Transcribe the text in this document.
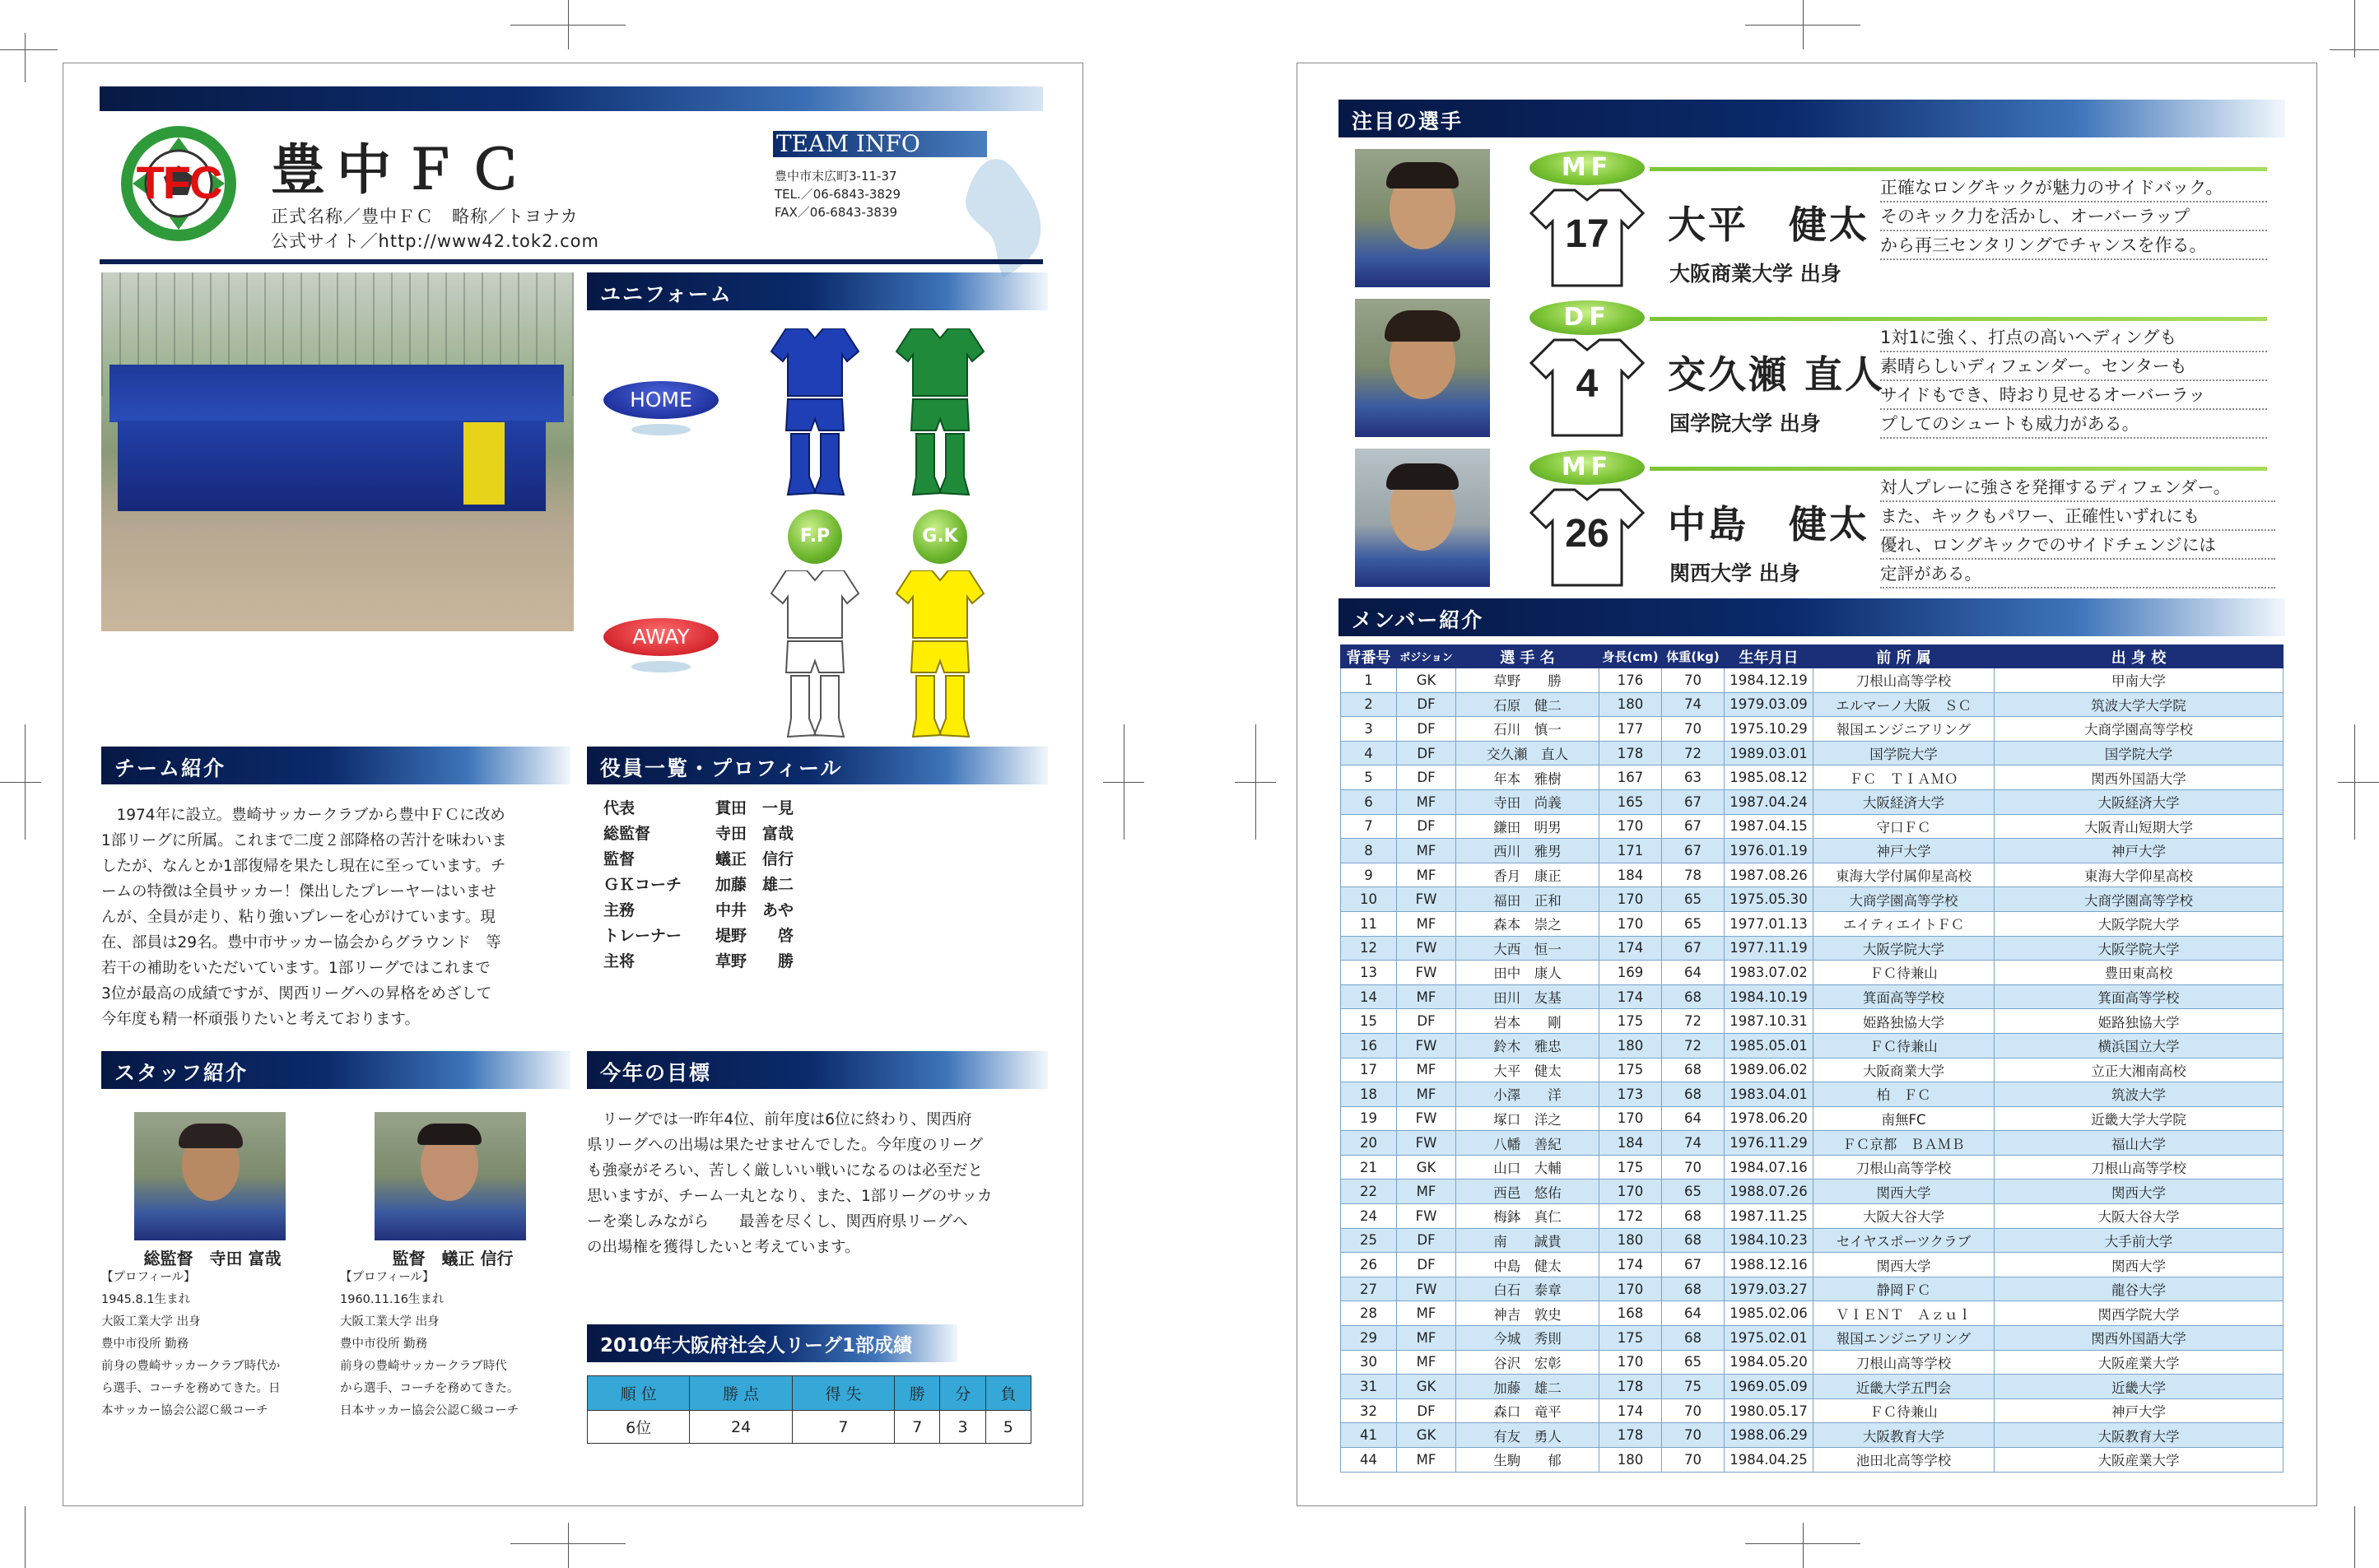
TFC 豊中ＦＣ
正式名称／豊中ＦＣ　略称／トヨナカ
公式サイト／http://www42.tok2.com
TEAM INFO
豊中市末広町3-11-37
TEL.／06-6843-3829
FAX／06-6843-3839
ユニフォーム
HOME
AWAY
F.P	G.K
チーム紹介
　1974年に設立。豊崎サッカークラブから豊中ＦＣに改め
1部リーグに所属。これまで二度２部降格の苦汁を味わいま
したが、なんとか1部復帰を果たし現在に至っています。チ
ームの特徴は全員サッカー！傑出したプレーヤーはいませ
んが、全員が走り、粘り強いプレーを心がけています。現
在、部員は29名。豊中市サッカー協会からグラウンド　等
若干の補助をいただいています。1部リーグではこれまで
3位が最高の成績ですが、関西リーグへの昇格をめざして
今年度も精一杯頑張りたいと考えております。
役員一覧・プロフィール
代表	貫田　一見
総監督	寺田　富哉
監督	蟻正　信行
ＧＫコーチ 加藤　雄二
主務	中井　あや
トレーナー 堤野　　啓
主将	草野　　勝
スタッフ紹介
総監督　寺田 富哉
【プロフィール】
1945.8.1生まれ
大阪工業大学 出身
豊中市役所 勤務
前身の豊崎サッカークラブ時代か
ら選手、コーチを務めてきた。日
本サッカー協会公認Ｃ級コーチ
監督　蟻正 信行
【プロフィール】
1960.11.16生まれ
大阪工業大学 出身
豊中市役所 勤務
前身の豊崎サッカークラブ時代
から選手、コーチを務めてきた。
日本サッカー協会公認Ｃ級コーチ
今年の目標
　リーグでは一昨年4位、前年度は6位に終わり、関西府
県リーグへの出場は果たせませんでした。今年度のリーグ
も強豪がそろい、苦しく厳しいい戦いになるのは必至だと
思いますが、チーム一丸となり、また、1部リーグのサッカ
ーを楽しみながら　　最善を尽くし、関西府県リーグへ
の出場権を獲得したいと考えています。
2010年大阪府社会人リーグ1部成績
順 位	勝 点	得 失	勝	分	負
6位	24	7	7	3	5
注目の選手
MF
17	大平　健太
大阪商業大学 出身
正確なロングキックが魅力のサイドバック。
そのキック力を活かし、オーバーラップ
から再三センタリングでチャンスを作る。
DF
4	交久瀬 直人
国学院大学 出身
1対1に強く、打点の高いヘディングも
素晴らしいディフェンダー。センターも
サイドもでき、時おり見せるオーバーラッ
プしてのシュートも威力がある。
MF
26	中島　健太
関西大学 出身
対人プレーに強さを発揮するディフェンダー。
また、キックもパワー、正確性いずれにも
優れ、ロングキックでのサイドチェンジには
定評がある。
メンバー紹介
背番号	ポジション	選 手 名	身長(cm)	体重(kg)	生年月日	前 所 属	出 身 校
1	GK	草野　　勝	176	70	1984.12.19	刀根山高等学校	甲南大学
2	DF	石原　健二	180	74	1979.03.09	エルマーノ大阪　ＳＣ	筑波大学大学院
3	DF	石川　慎一	177	70	1975.10.29	報国エンジニアリング	大商学園高等学校
4	DF	交久瀬　直人	178	72	1989.03.01	国学院大学	国学院大学
5	DF	年本　雅樹	167	63	1985.08.12	ＦＣ　ＴＩＡＭＯ	関西外国語大学
6	MF	寺田　尚義	165	67	1987.04.24	大阪経済大学	大阪経済大学
7	DF	鎌田　明男	170	67	1987.04.15	守口ＦＣ	大阪青山短期大学
8	MF	西川　雅男	171	67	1976.01.19	神戸大学	神戸大学
9	MF	香月　康正	184	78	1987.08.26	東海大学付属仰星高校	東海大学仰星高校
10	FW	福田　正和	170	65	1975.05.30	大商学園高等学校	大商学園高等学校
11	MF	森本　崇之	170	65	1977.01.13	エイティエイトＦＣ	大阪学院大学
12	FW	大西　恒一	174	67	1977.11.19	大阪学院大学	大阪学院大学
13	FW	田中　康人	169	64	1983.07.02	ＦＣ待兼山	豊田東高校
14	MF	田川　友基	174	68	1984.10.19	箕面高等学校	箕面高等学校
15	DF	岩本　　剛	175	72	1987.10.31	姫路独協大学	姫路独協大学
16	FW	鈴木　雅忠	180	72	1985.05.01	ＦＣ待兼山	横浜国立大学
17	MF	大平　健太	175	68	1989.06.02	大阪商業大学	立正大湘南高校
18	MF	小澤　　洋	173	68	1983.04.01	柏　ＦＣ	筑波大学
19	FW	塚口　洋之	170	64	1978.06.20	南無FC	近畿大学大学院
20	FW	八幡　善紀	184	74	1976.11.29	ＦＣ京都　ＢＡＭＢ	福山大学
21	GK	山口　大輔	175	70	1984.07.16	刀根山高等学校	刀根山高等学校
22	MF	西邑　悠佑	170	65	1988.07.26	関西大学	関西大学
24	FW	梅鉢　真仁	172	68	1987.11.25	大阪大谷大学	大阪大谷大学
25	DF	南　　誠貴	180	68	1984.10.23	セイヤスポーツクラブ	大手前大学
26	DF	中島　健太	174	67	1988.12.16	関西大学	関西大学
27	FW	白石　泰章	170	68	1979.03.27	静岡ＦＣ	龍谷大学
28	MF	神吉　敦史	168	64	1985.02.06	ＶＩＥＮＴ　Ａｚｕｌ	関西学院大学
29	MF	今城　秀則	175	68	1975.02.01	報国エンジニアリング	関西外国語大学
30	MF	谷沢　宏彰	170	65	1984.05.20	刀根山高等学校	大阪産業大学
31	GK	加藤　雄二	178	75	1969.05.09	近畿大学五門会	近畿大学
32	DF	森口　竜平	174	70	1980.05.17	ＦＣ待兼山	神戸大学
41	GK	有友　勇人	178	70	1988.06.29	大阪教育大学	大阪教育大学
44	MF	生駒　　郁	180	70	1984.04.25	池田北高等学校	大阪産業大学
